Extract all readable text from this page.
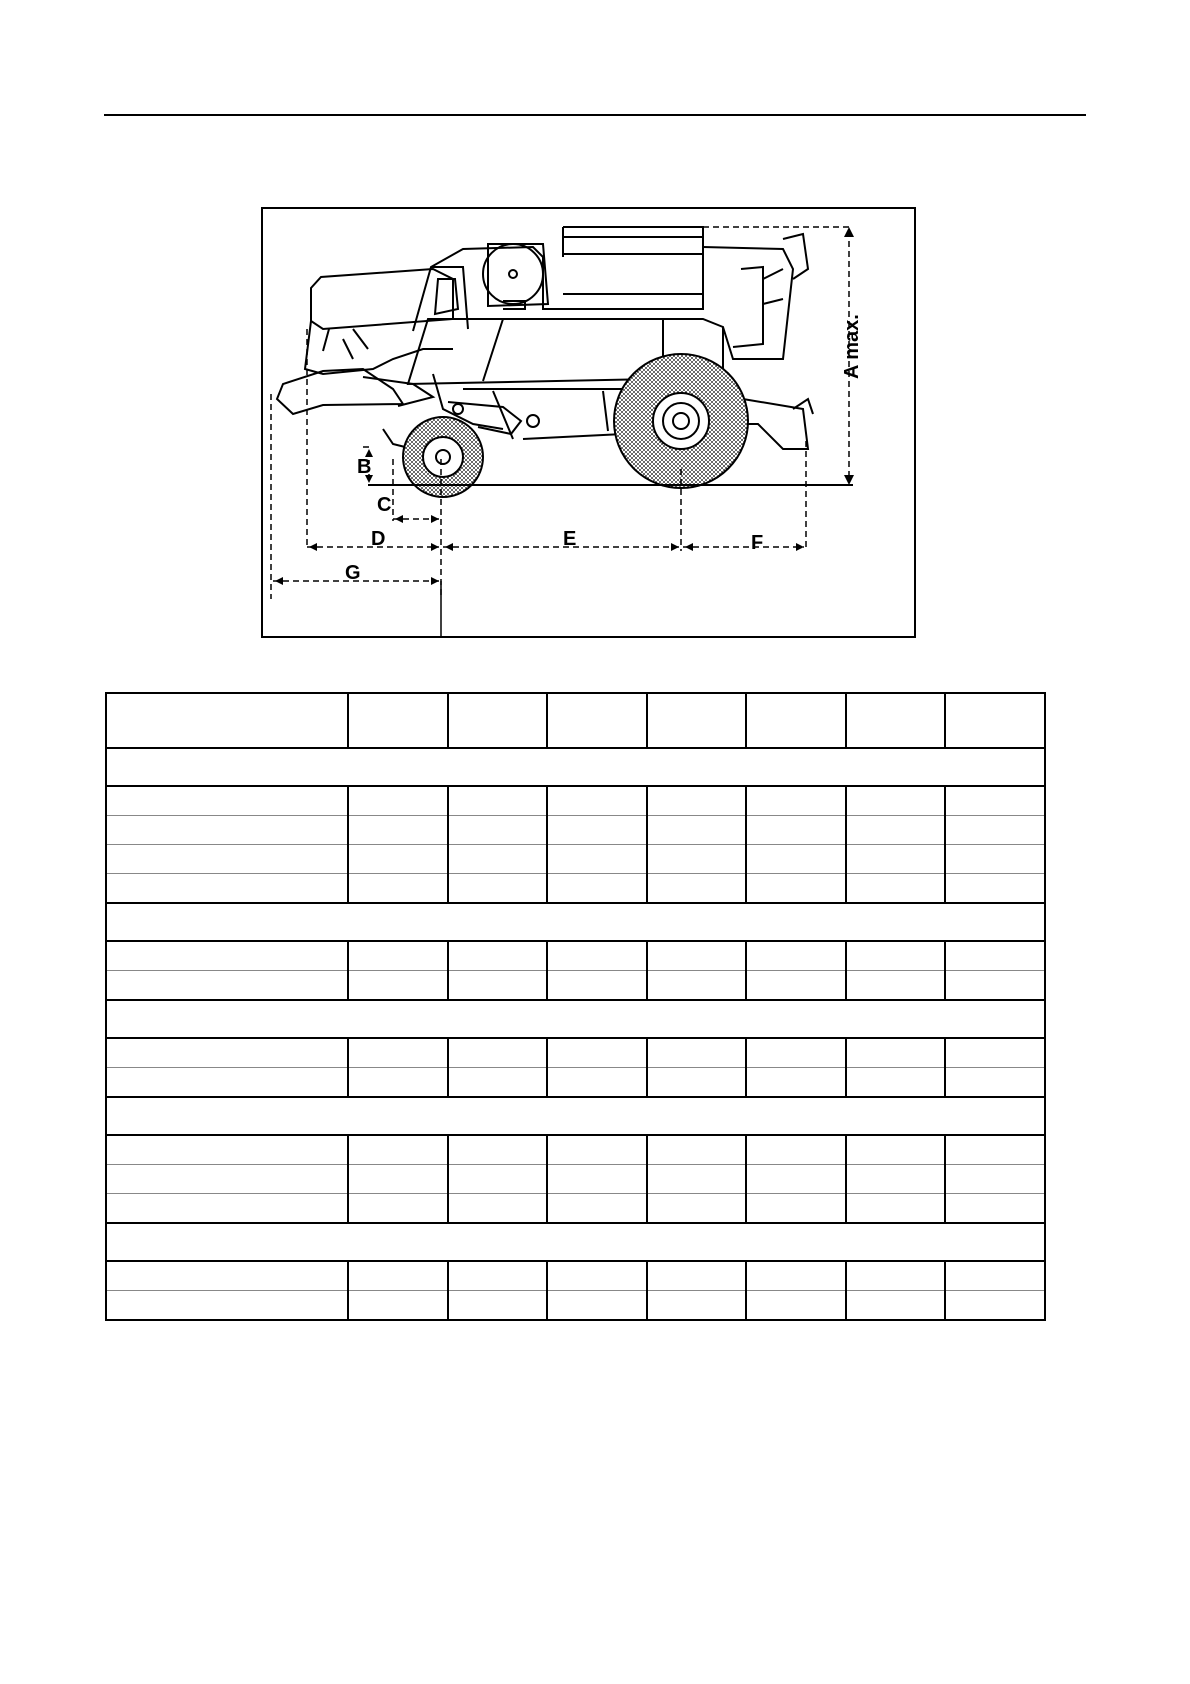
A max.
B
C
D	E	F
G
